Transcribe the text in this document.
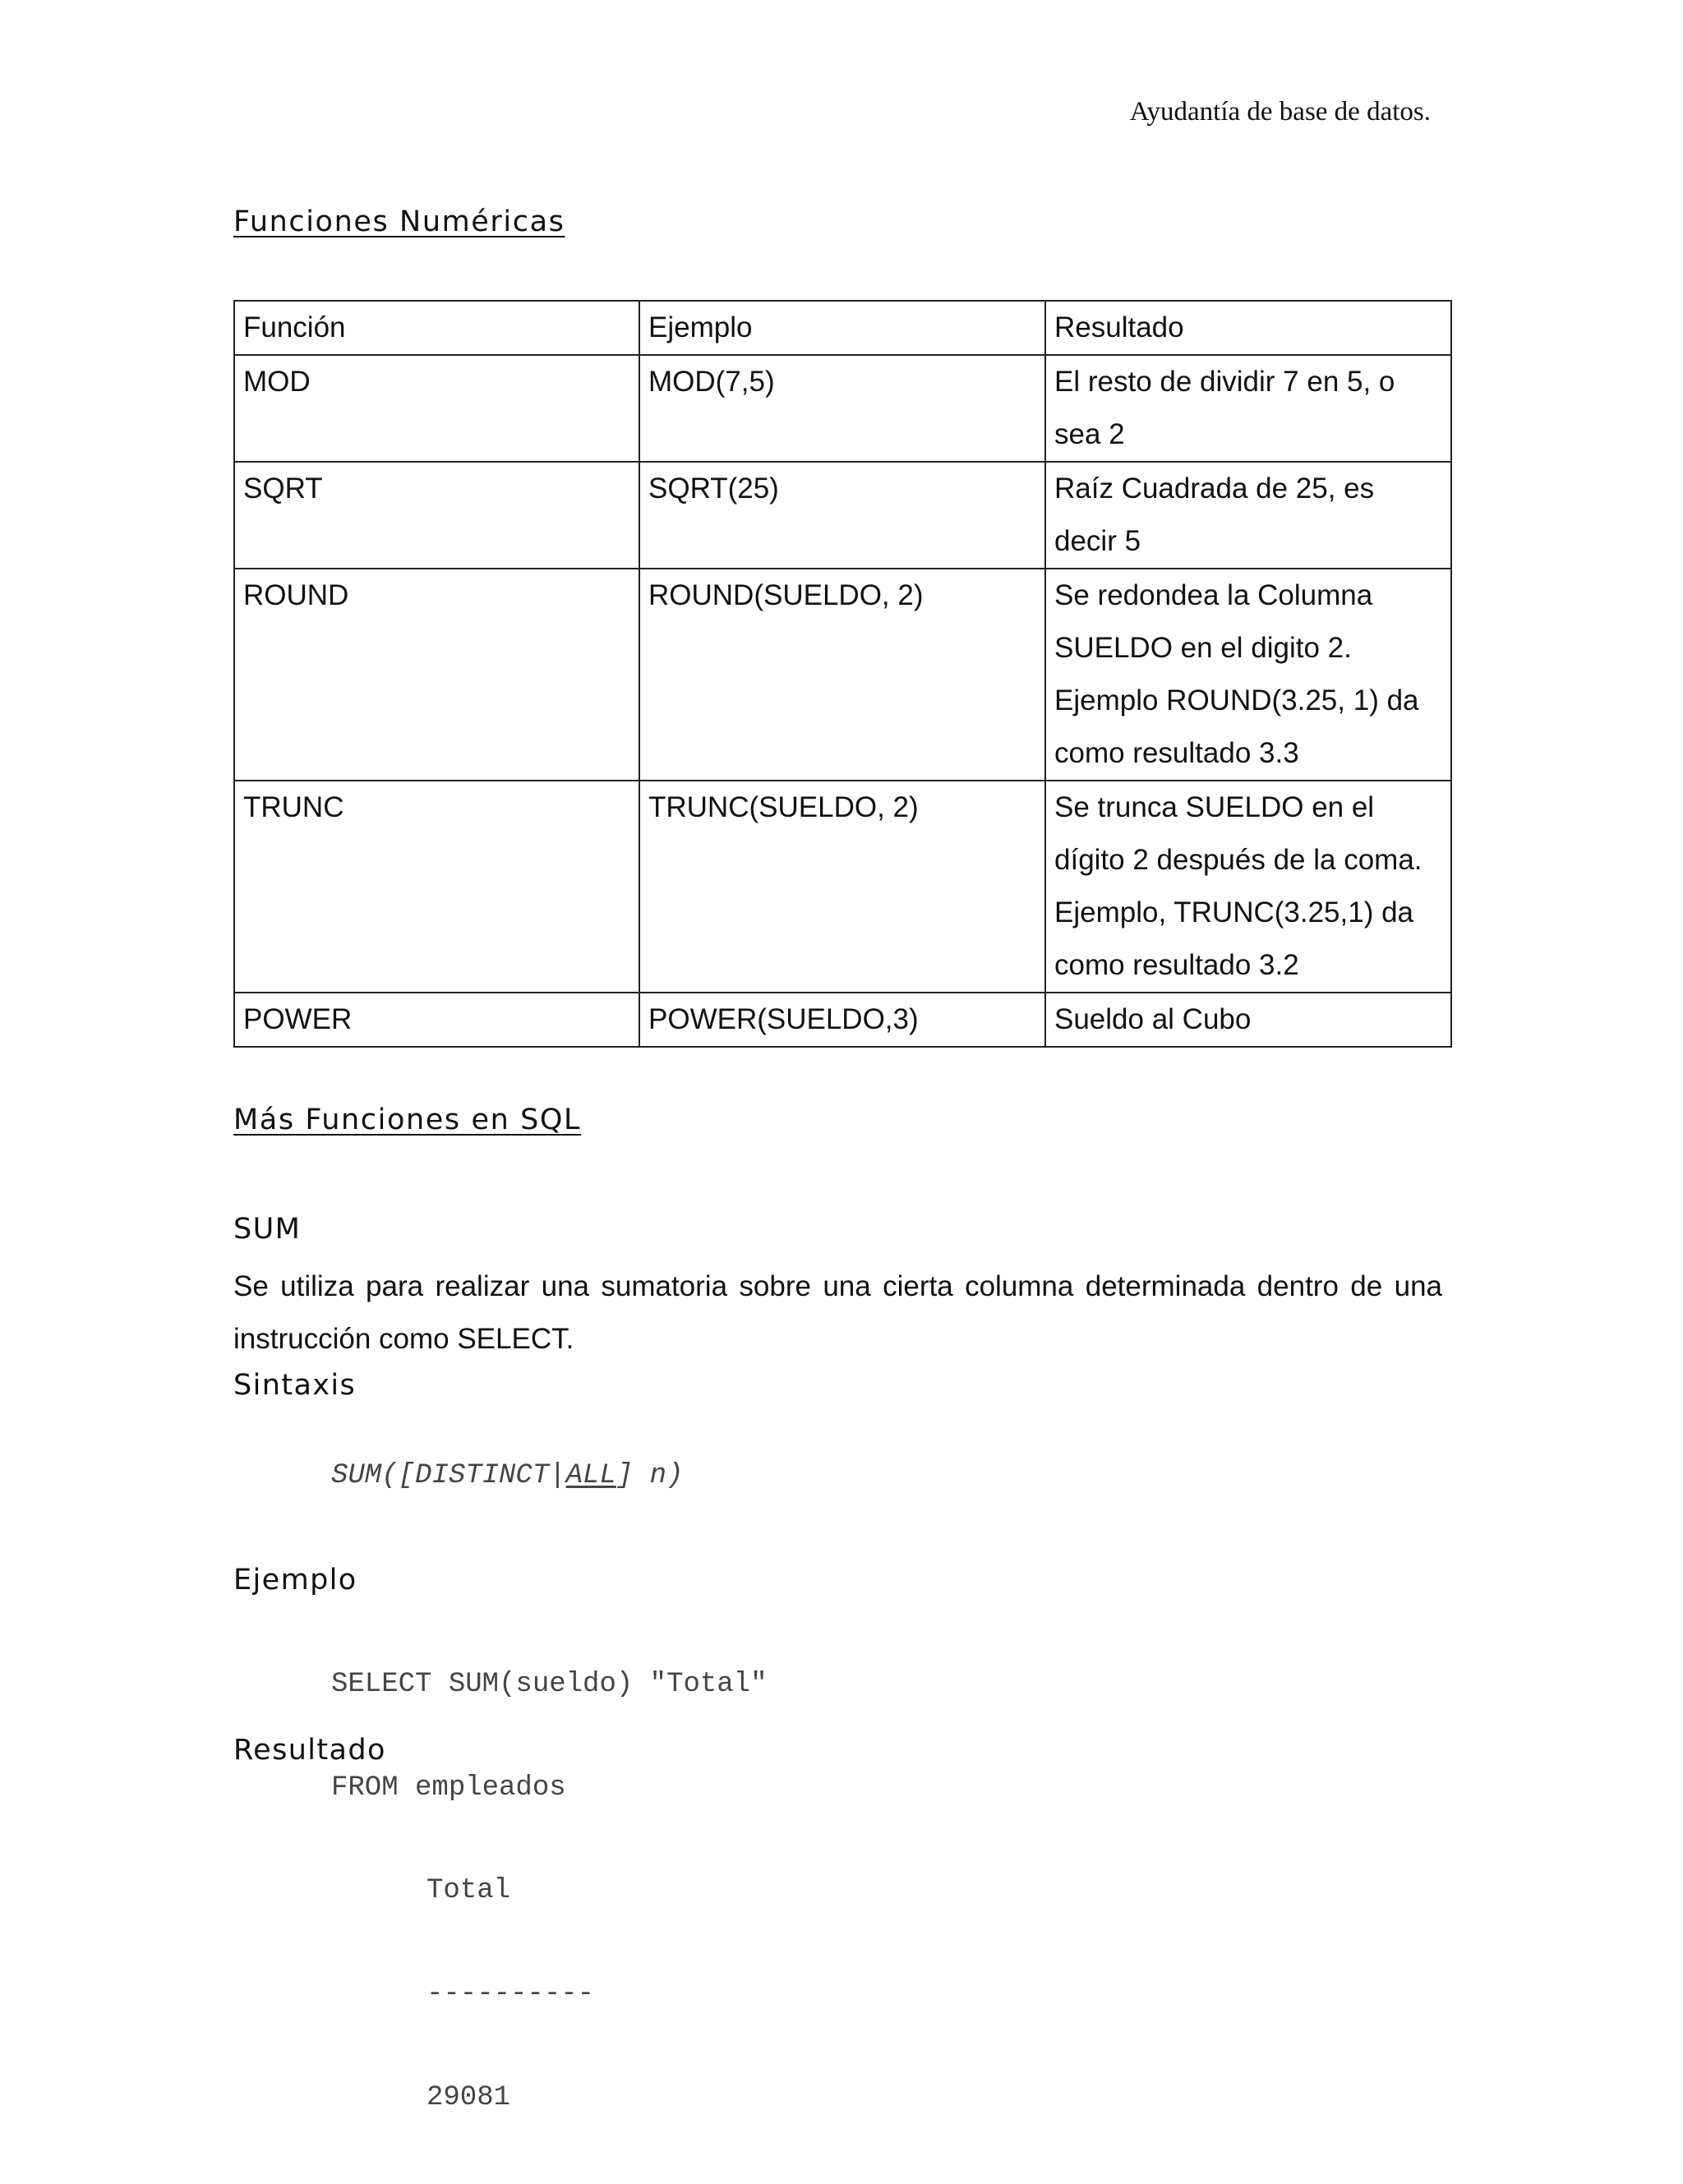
Ayudantía de base de datos.
Funciones Numéricas
Función	Ejemplo	Resultado
MOD	MOD(7,5)	El resto de dividir 7 en 5, o sea 2
SQRT	SQRT(25)	Raíz Cuadrada de 25, es decir 5
ROUND	ROUND(SUELDO, 2)	Se redondea la Columna SUELDO en el digito 2. Ejemplo ROUND(3.25, 1) da como resultado 3.3
TRUNC	TRUNC(SUELDO, 2)	Se trunca SUELDO en el dígito 2 después de la coma. Ejemplo, TRUNC(3.25,1) da como resultado 3.2
POWER	POWER(SUELDO,3)	Sueldo al Cubo
Más Funciones en SQL
SUM

Se utiliza para realizar una sumatoria sobre una cierta columna determinada dentro de una instrucción como SELECT.

Sintaxis
SUM([DISTINCT|ALL] n)
Ejemplo

SELECT SUM(sueldo) "Total"

FROM empleados

Resultado

Total

----------

29081
